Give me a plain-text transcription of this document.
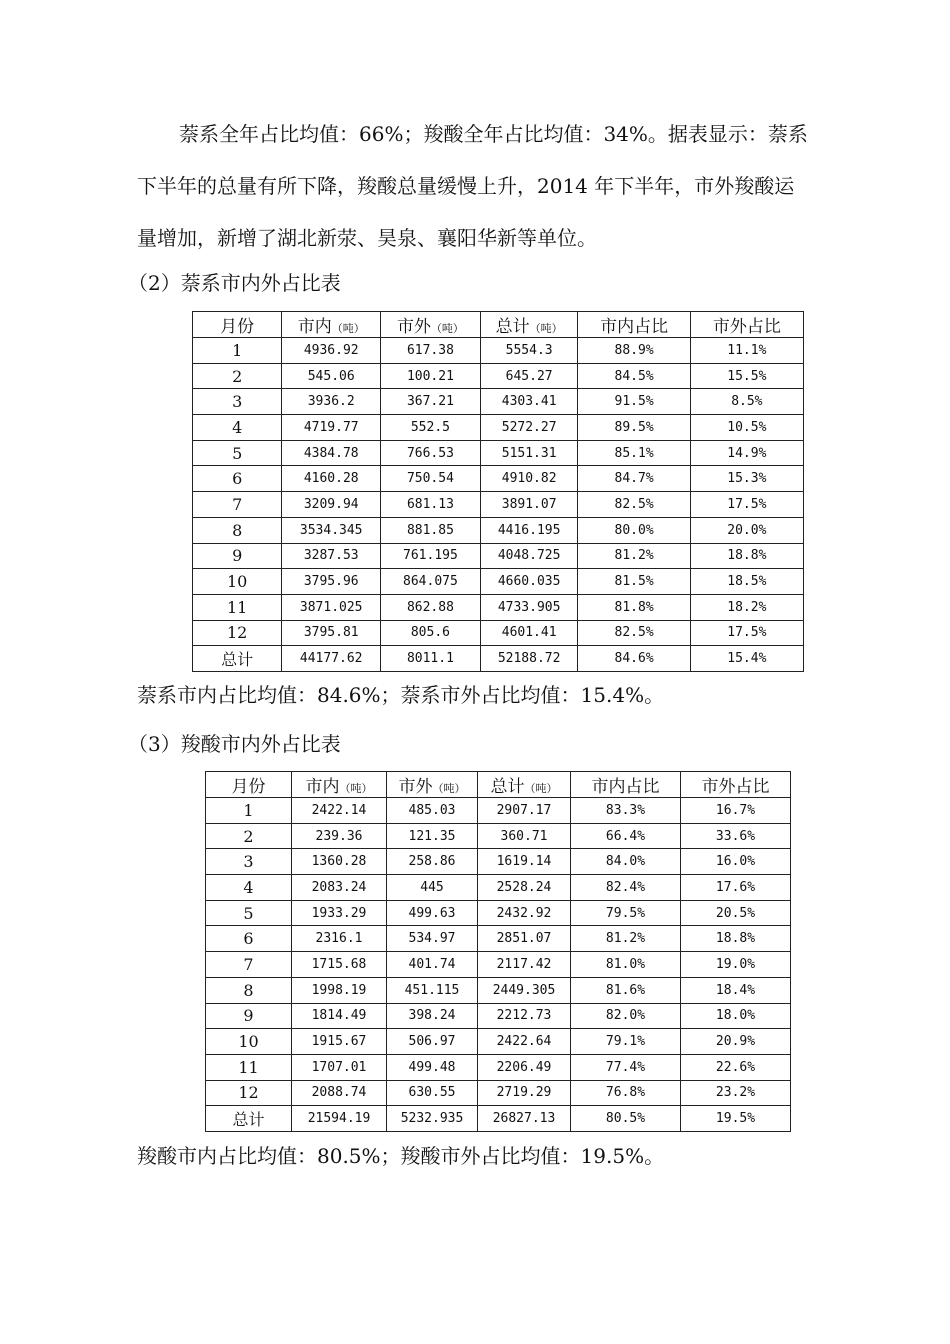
萘系全年占比均值：66%；羧酸全年占比均值：34%。据表显示：萘系
下半年的总量有所下降，羧酸总量缓慢上升，2014 年下半年，市外羧酸运
量增加，新增了湖北新荥、昊泉、襄阳华新等单位。

（2）萘系市内外占比表

月份	市内（吨）	市外（吨）	总计（吨）	市内占比	市外占比
1	4936.92	617.38	5554.3	88.9%	11.1%
2	545.06	100.21	645.27	84.5%	15.5%
3	3936.2	367.21	4303.41	91.5%	8.5%
4	4719.77	552.5	5272.27	89.5%	10.5%
5	4384.78	766.53	5151.31	85.1%	14.9%
6	4160.28	750.54	4910.82	84.7%	15.3%
7	3209.94	681.13	3891.07	82.5%	17.5%
8	3534.345	881.85	4416.195	80.0%	20.0%
9	3287.53	761.195	4048.725	81.2%	18.8%
10	3795.96	864.075	4660.035	81.5%	18.5%
11	3871.025	862.88	4733.905	81.8%	18.2%
12	3795.81	805.6	4601.41	82.5%	17.5%
总计	44177.62	8011.1	52188.72	84.6%	15.4%

萘系市内占比均值：84.6%；萘系市外占比均值：15.4%。

（3）羧酸市内外占比表

月份	市内（吨）	市外（吨）	总计（吨）	市内占比	市外占比
1	2422.14	485.03	2907.17	83.3%	16.7%
2	239.36	121.35	360.71	66.4%	33.6%
3	1360.28	258.86	1619.14	84.0%	16.0%
4	2083.24	445	2528.24	82.4%	17.6%
5	1933.29	499.63	2432.92	79.5%	20.5%
6	2316.1	534.97	2851.07	81.2%	18.8%
7	1715.68	401.74	2117.42	81.0%	19.0%
8	1998.19	451.115	2449.305	81.6%	18.4%
9	1814.49	398.24	2212.73	82.0%	18.0%
10	1915.67	506.97	2422.64	79.1%	20.9%
11	1707.01	499.48	2206.49	77.4%	22.6%
12	2088.74	630.55	2719.29	76.8%	23.2%
总计	21594.19	5232.935	26827.13	80.5%	19.5%

羧酸市内占比均值：80.5%；羧酸市外占比均值：19.5%。
